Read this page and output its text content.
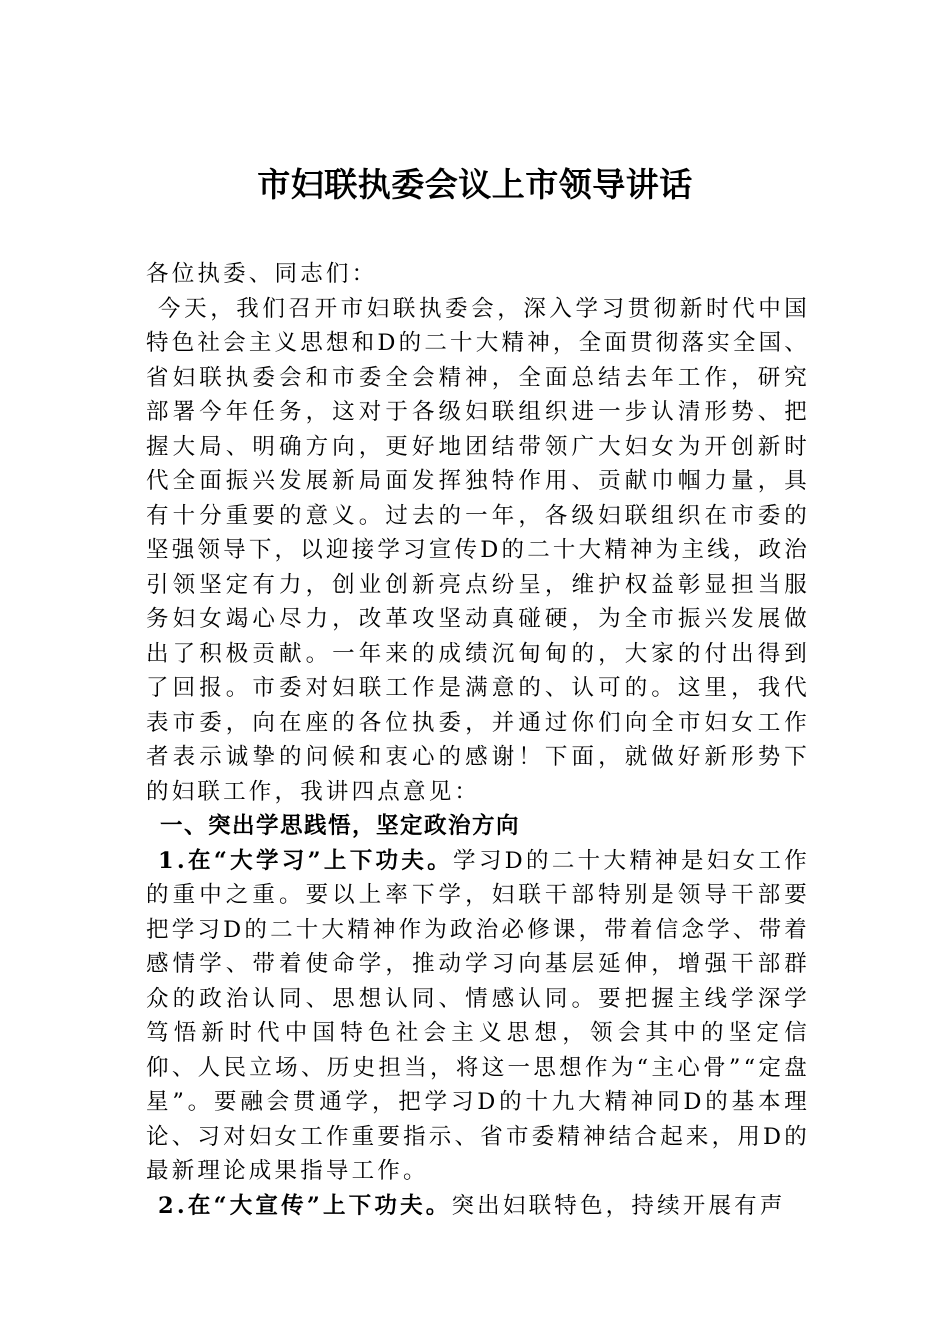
市妇联执委会议上市领导讲话

各位执委、同志们：

今天，我们召开市妇联执委会，深入学习贯彻新时代中国特色社会主义思想和D的二十大精神，全面贯彻落实全国、省妇联执委会和市委全会精神，全面总结去年工作，研究部署今年任务，这对于各级妇联组织进一步认清形势、把握大局、明确方向，更好地团结带领广大妇女为开创新时代全面振兴发展新局面发挥独特作用、贡献巾帼力量，具有十分重要的意义。过去的一年，各级妇联组织在市委的坚强领导下，以迎接学习宣传D的二十大精神为主线，政治引领坚定有力，创业创新亮点纷呈，维护权益彰显担当服务妇女竭心尽力，改革攻坚动真碰硬，为全市振兴发展做出了积极贡献。一年来的成绩沉甸甸的，大家的付出得到了回报。市委对妇联工作是满意的、认可的。这里，我代表市委，向在座的各位执委，并通过你们向全市妇女工作者表示诚挚的问候和衷心的感谢！下面，就做好新形势下的妇联工作，我讲四点意见：

一、突出学思践悟，坚定政治方向

1.在“大学习”上下功夫。学习D的二十大精神是妇女工作的重中之重。要以上率下学，妇联干部特别是领导干部要把学习D的二十大精神作为政治必修课，带着信念学、带着感情学、带着使命学，推动学习向基层延伸，增强干部群众的政治认同、思想认同、情感认同。要把握主线学深学笃悟新时代中国特色社会主义思想，领会其中的坚定信仰、人民立场、历史担当，将这一思想作为“主心骨”“定盘星”。要融会贯通学，把学习D的十九大精神同D的基本理论、习对妇女工作重要指示、省市委精神结合起来，用D的最新理论成果指导工作。

2.在“大宣传”上下功夫。突出妇联特色，持续开展有声
